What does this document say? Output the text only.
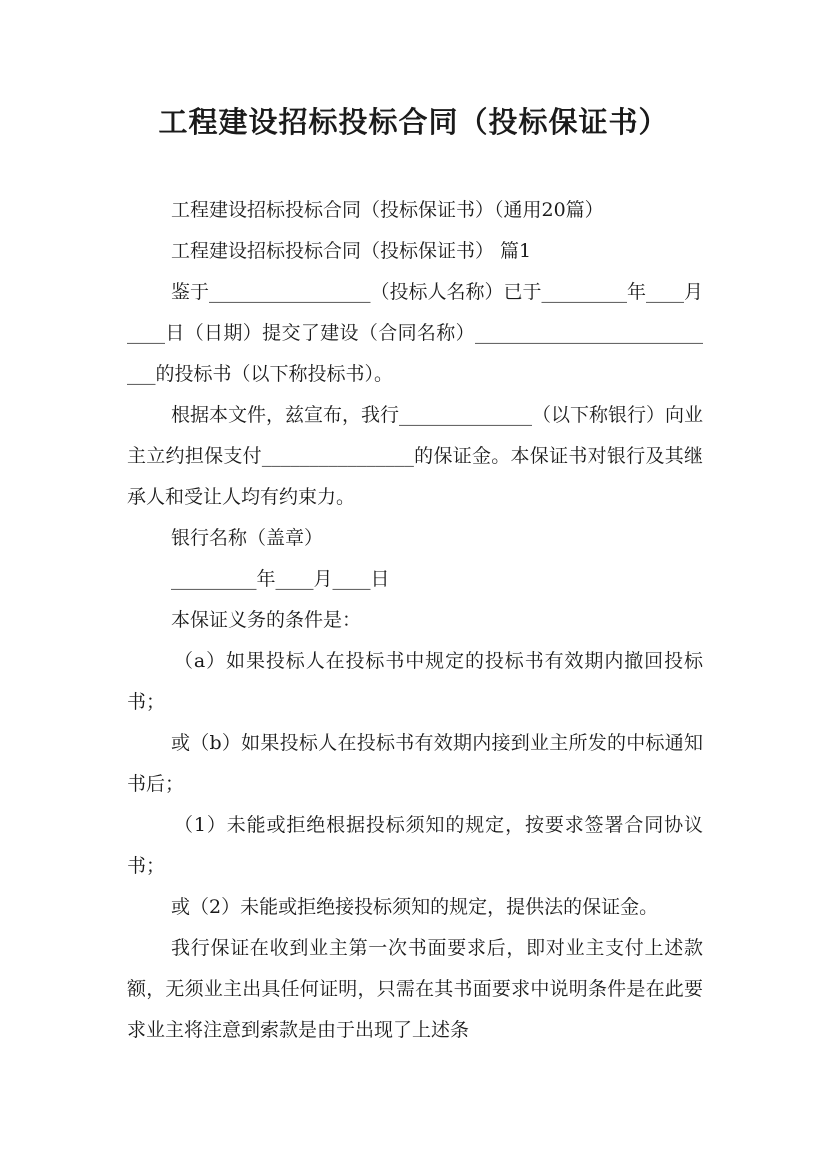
工程建设招标投标合同（投标保证书）

工程建设招标投标合同（投标保证书）（通用20篇）

工程建设招标投标合同（投标保证书） 篇1

鉴于_________________（投标人名称）已于_________年____月____日（日期）提交了建设（合同名称）___________________________的投标书（以下称投标书）。

根据本文件，兹宣布，我行______________（以下称银行）向业主立约担保支付________________的保证金。本保证书对银行及其继承人和受让人均有约束力。

银行名称（盖章）

_________年____月____日

本保证义务的条件是：

（a）如果投标人在投标书中规定的投标书有效期内撤回投标书；

或（b）如果投标人在投标书有效期内接到业主所发的中标通知书后；

（1）未能或拒绝根据投标须知的规定，按要求签署合同协议书；

或（2）未能或拒绝接投标须知的规定，提供法的保证金。

我行保证在收到业主第一次书面要求后，即对业主支付上述款额，无须业主出具任何证明，只需在其书面要求中说明条件是在此要求业主将注意到索款是由于出现了上述条
